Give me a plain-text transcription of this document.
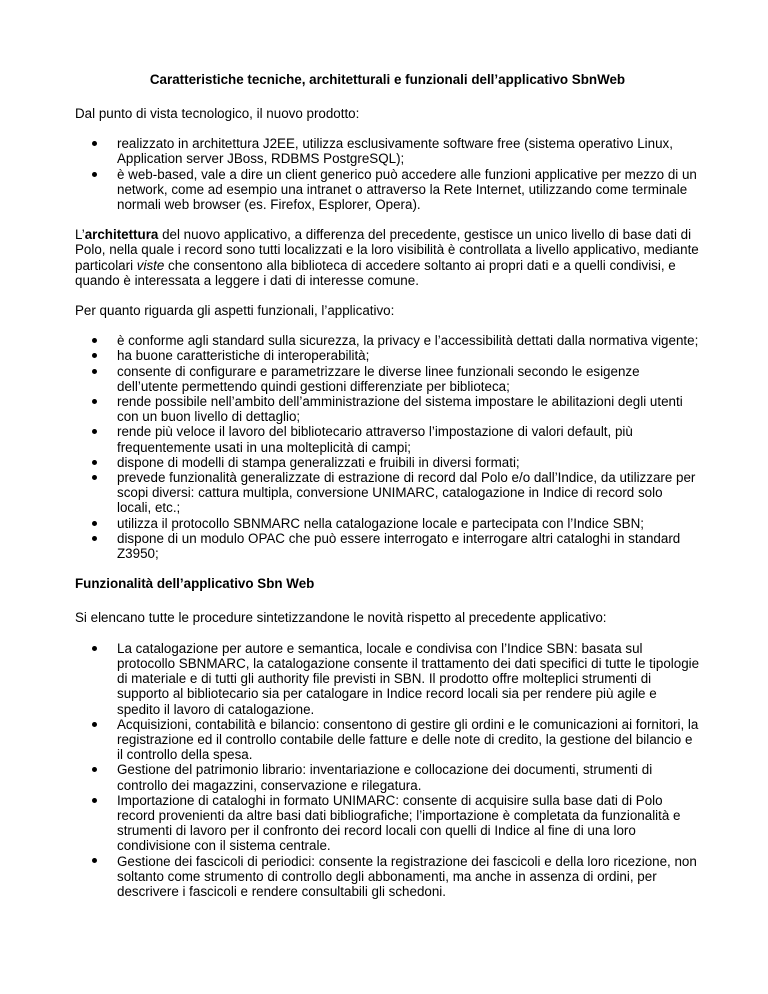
Caratteristiche tecniche, architetturali e funzionali dell’applicativo SbnWeb

Dal punto di vista tecnologico, il nuovo prodotto:

realizzato in architettura J2EE, utilizza esclusivamente software free (sistema operativo Linux, Application server JBoss, RDBMS PostgreSQL);
è web-based, vale a dire un client generico può accedere alle funzioni applicative per mezzo di un network, come ad esempio una intranet o attraverso la Rete Internet, utilizzando come terminale normali web browser (es. Firefox, Esplorer, Opera).

L’architettura del nuovo applicativo, a differenza del precedente, gestisce un unico livello di base dati di Polo, nella quale i record sono tutti localizzati e la loro visibilità è controllata a livello applicativo, mediante particolari viste che consentono alla biblioteca di accedere soltanto ai propri dati e a quelli condivisi, e quando è interessata a leggere i dati di interesse comune.

Per quanto riguarda gli aspetti funzionali, l’applicativo:

è conforme agli standard sulla sicurezza, la privacy e l’accessibilità dettati dalla normativa vigente;
ha buone caratteristiche di interoperabilità;
consente di configurare e parametrizzare le diverse linee funzionali secondo le esigenze dell’utente permettendo quindi gestioni differenziate per biblioteca;
rende possibile nell’ambito dell’amministrazione del sistema impostare le abilitazioni degli utenti con un buon livello di dettaglio;
rende più veloce il lavoro del bibliotecario attraverso l’impostazione di valori default, più frequentemente usati in una molteplicità di campi;
dispone di modelli di stampa generalizzati e fruibili in diversi formati;
prevede funzionalità generalizzate di estrazione di record dal Polo e/o dall’Indice, da utilizzare per scopi diversi: cattura multipla, conversione UNIMARC, catalogazione in Indice di record solo locali, etc.;
utilizza il protocollo SBNMARC nella catalogazione locale e partecipata con l’Indice SBN;
dispone di un modulo OPAC che può essere interrogato e interrogare altri cataloghi in standard Z3950;

Funzionalità dell’applicativo Sbn Web

Si elencano tutte le procedure sintetizzandone le novità rispetto al precedente applicativo:

La catalogazione per autore e semantica, locale e condivisa con l’Indice SBN: basata sul protocollo SBNMARC, la catalogazione consente il trattamento dei dati specifici di tutte le tipologie di materiale e di tutti gli authority file previsti in SBN. Il prodotto offre molteplici strumenti di supporto al bibliotecario sia per catalogare in Indice record locali sia per rendere più agile e spedito il lavoro di catalogazione.
Acquisizioni, contabilità e bilancio: consentono di gestire gli ordini e le comunicazioni ai fornitori, la registrazione ed il controllo contabile delle fatture e delle note di credito, la gestione del bilancio e il controllo della spesa.
Gestione del patrimonio librario: inventariazione e collocazione dei documenti, strumenti di controllo dei magazzini, conservazione e rilegatura.
Importazione di cataloghi in formato UNIMARC: consente di acquisire sulla base dati di Polo record provenienti da altre basi dati bibliografiche; l’importazione è completata da funzionalità e strumenti di lavoro per il confronto dei record locali con quelli di Indice al fine di una loro condivisione con il sistema centrale.
Gestione dei fascicoli di periodici: consente la registrazione dei fascicoli e della loro ricezione, non soltanto come strumento di controllo degli abbonamenti, ma anche in assenza di ordini, per descrivere i fascicoli e rendere consultabili gli schedoni.
